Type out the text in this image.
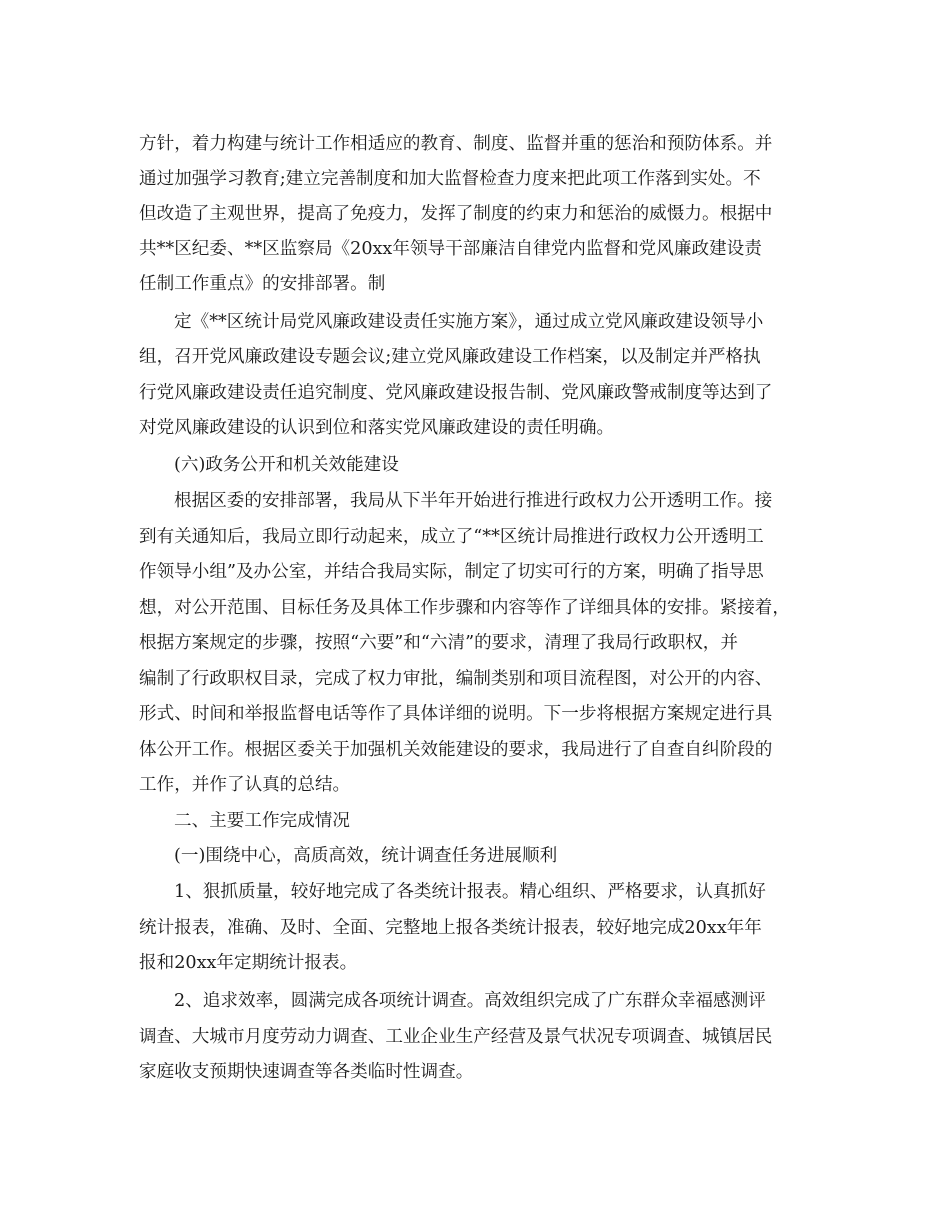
方针，着力构建与统计工作相适应的教育、制度、监督并重的惩治和预防体系。并
通过加强学习教育;建立完善制度和加大监督检查力度来把此项工作落到实处。不
但改造了主观世界，提高了免疫力，发挥了制度的约束力和惩治的威慑力。根据中
共**区纪委、**区监察局《20xx年领导干部廉洁自律党内监督和党风廉政建设责
任制工作重点》的安排部署。制
定《**区统计局党风廉政建设责任实施方案》，通过成立党风廉政建设领导小
组，召开党风廉政建设专题会议;建立党风廉政建设工作档案，以及制定并严格执
行党风廉政建设责任追究制度、党风廉政建设报告制、党风廉政警戒制度等达到了
对党风廉政建设的认识到位和落实党风廉政建设的责任明确。
(六)政务公开和机关效能建设
根据区委的安排部署，我局从下半年开始进行推进行政权力公开透明工作。接
到有关通知后，我局立即行动起来，成立了“**区统计局推进行政权力公开透明工
作领导小组”及办公室，并结合我局实际，制定了切实可行的方案，明确了指导思
想，对公开范围、目标任务及具体工作步骤和内容等作了详细具体的安排。紧接着，
根据方案规定的步骤，按照“六要”和“六清”的要求，清理了我局行政职权，并
编制了行政职权目录，完成了权力审批，编制类别和项目流程图，对公开的内容、
形式、时间和举报监督电话等作了具体详细的说明。下一步将根据方案规定进行具
体公开工作。根据区委关于加强机关效能建设的要求，我局进行了自查自纠阶段的
工作，并作了认真的总结。
二、主要工作完成情况
(一)围绕中心，高质高效，统计调查任务进展顺利
1、狠抓质量，较好地完成了各类统计报表。精心组织、严格要求，认真抓好
统计报表，准确、及时、全面、完整地上报各类统计报表，较好地完成20xx年年
报和20xx年定期统计报表。
2、追求效率，圆满完成各项统计调查。高效组织完成了广东群众幸福感测评
调查、大城市月度劳动力调查、工业企业生产经营及景气状况专项调查、城镇居民
家庭收支预期快速调查等各类临时性调查。
